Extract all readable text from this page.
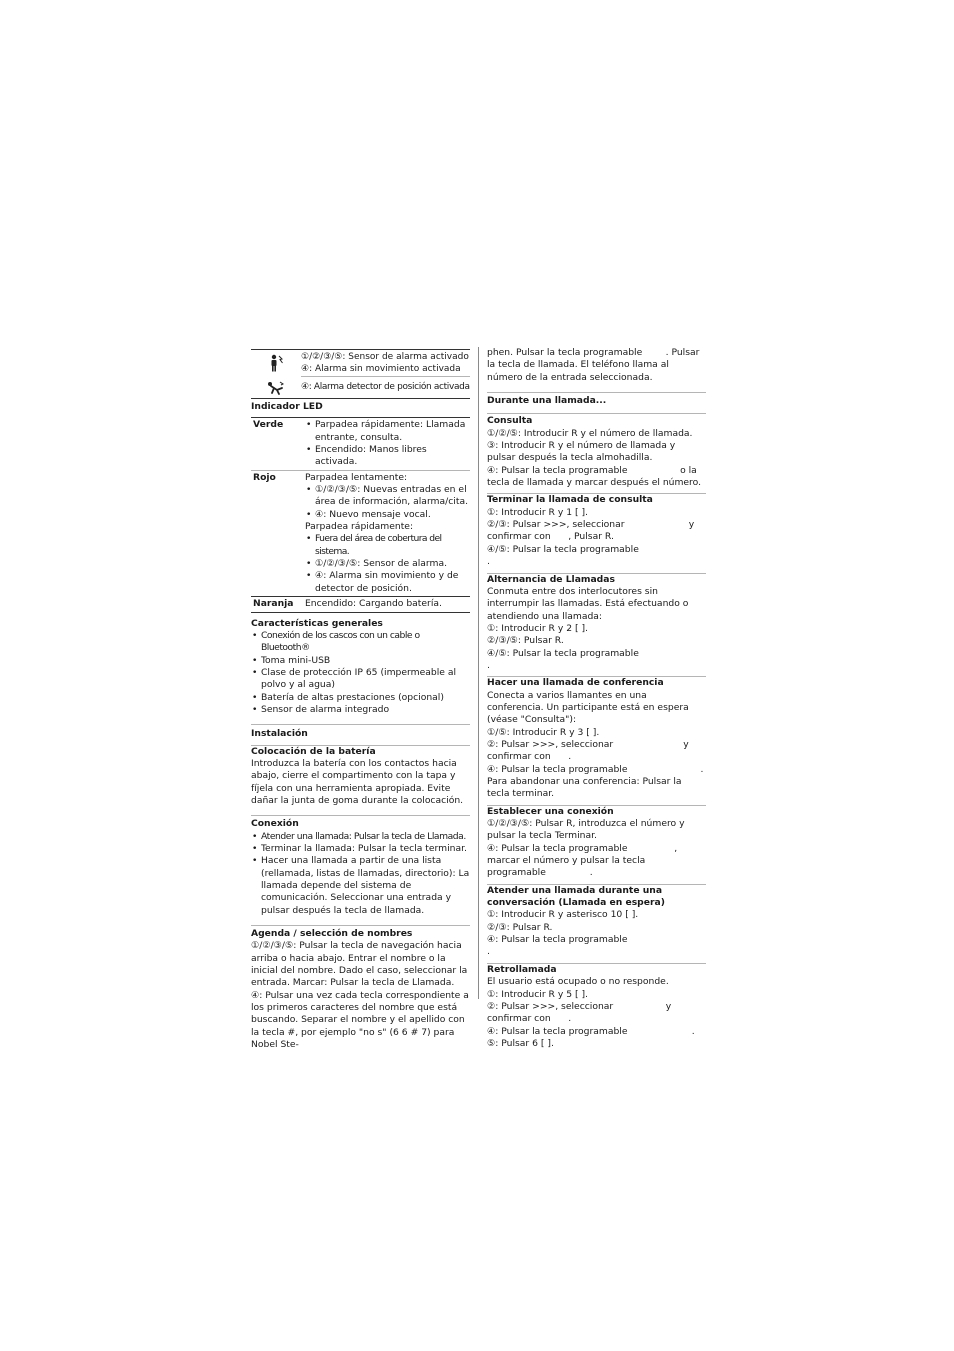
①/②/③/⑤: Sensor de alarma activado
④: Alarma sin movimiento activada
④: Alarma detector de posición activada
Indicador LED
Verde
•	Parpadea rápidamente: Llamada entrante, consulta.
• Encendido: Manos libres activada.
Rojo	Parpadea lentamente:
• ①/②/③/⑤: Nuevas entradas en el área de información, alarma/cita.
• ④: Nuevo mensaje vocal.
Parpadea rápidamente:
• Fuera del área de cobertura del sistema.
• ①/②/③/⑤: Sensor de alarma.
• ④: Alarma sin movimiento y de detector de posición.
Naranja	Encendido: Cargando batería.
Características generales
• Conexión de los cascos con un cable o Bluetooth®
• Toma mini-USB
• Clase de protección IP 65 (impermeable al polvo y al agua)
• Batería de altas prestaciones (opcional)
• Sensor de alarma integrado
Instalación
Colocación de la batería

Introduzca la batería con los contactos hacia abajo, cierre el compartimento con la tapa y fíjela con una herramienta apropiada. Evite dañar la junta de goma durante la colocación.

Conexión
• Atender una llamada: Pulsar la tecla de Llamada.
• Terminar la llamada: Pulsar la tecla terminar.
• Hacer una llamada a partir de una lista (rellamada, listas de llamadas, directorio): La llamada depende del sistema de comunicación. Seleccionar una entrada y pulsar después la tecla de llamada.
Agenda / selección de nombres

①/②/③/⑤: Pulsar la tecla de navegación hacia arriba o hacia abajo. Entrar el nombre o la inicial del nombre. Dado el caso, seleccionar la entrada. Marcar: Pulsar la tecla de Llamada.

④: Pulsar una vez cada tecla correspondiente a los primeros caracteres del nombre que está buscando. Separar el nombre y el apellido con la tecla #, por ejemplo "no s" (6 6 # 7) para Nobel Ste-

phen. Pulsar la tecla programable        . Pulsar la tecla de llamada. El teléfono llama al número de la entrada seleccionada.

Durante una llamada...
Consulta

①/②/⑤: Introducir R y el número de llamada.

③: Introducir R y el número de llamada y pulsar después la tecla almohadilla.

④: Pulsar la tecla programable                  o la tecla de llamada y marcar después el número.

Terminar la llamada de consulta

①: Introducir R y 1 [ ].

②/③: Pulsar >>>, seleccionar                      y confirmar con      , Pulsar R.

④/⑤: Pulsar la tecla programable                       .

Alternancia de Llamadas

Conmuta entre dos interlocutores sin interrumpir las llamadas. Está efectuando o atendiendo una llamada:

①: Introducir R y 2 [ ].

②/③/⑤: Pulsar R.

④/⑤: Pulsar la tecla programable                       .

Hacer una llamada de conferencia

Conecta a varios llamantes en una conferencia. Un participante está en espera (véase "Consulta"):

①/⑤: Introducir R y 3 [ ].

②: Pulsar >>>, seleccionar                        y confirmar con      .

④: Pulsar la tecla programable                         .

Para abandonar una conferencia: Pulsar la tecla terminar.

Establecer una conexión

①/②/③/⑤: Pulsar R, introduzca el número y pulsar la tecla Terminar.

④: Pulsar la tecla programable                , marcar el número y pulsar la tecla programable               .

Atender una llamada durante una conversación (Llamada en espera)

①: Introducir R y asterisco 10 [ ].

②/③: Pulsar R.

④: Pulsar la tecla programable                               .

Retrollamada

El usuario está ocupado o no responde.

①: Introducir R y 5 [ ].

②: Pulsar >>>, seleccionar                  y confirmar con      .

④: Pulsar la tecla programable                      .

⑤: Pulsar 6 [ ].
